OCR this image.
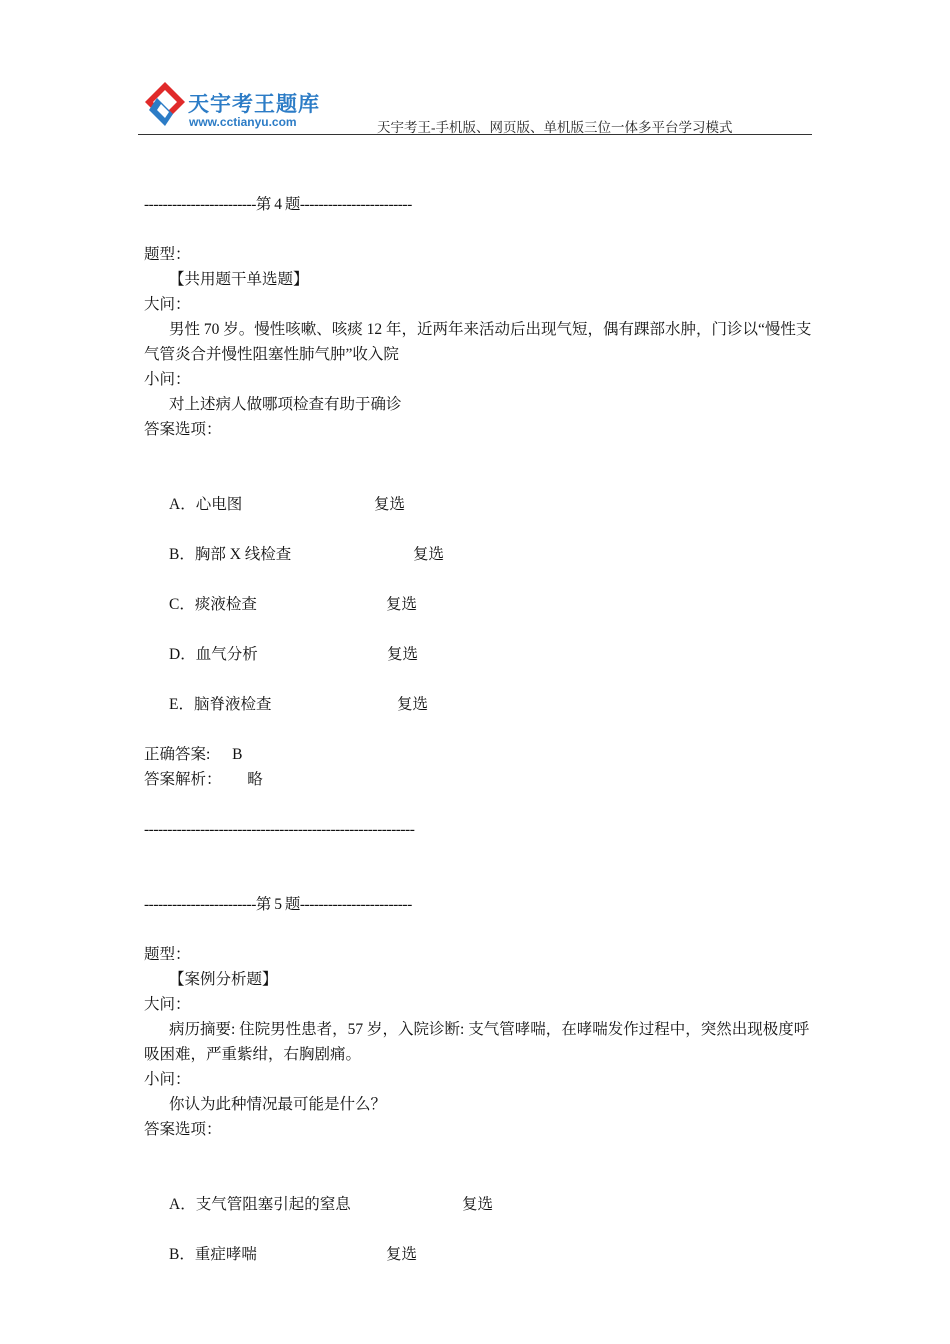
天宇考王题库
www.cctianyu.com	天宇考王-手机版、网页版、单机版三位一体多平台学习模式
------------------------第 4 题------------------------
题型：
【共用题干单选题】
大问：
男性 70 岁。慢性咳嗽、咳痰 12 年，近两年来活动后出现气短，偶有踝部水肿，门诊以“慢性支气管炎合并慢性阻塞性肺气肿”收入院
小问：
对上述病人做哪项检查有助于确诊
答案选项：
A．心电图	复选
B．胸部 X 线检查	复选
C．痰液检查	复选
D．血气分析	复选
E．脑脊液检查	复选
正确答案: B
答案解析： 略
----------------------------------------------------------
------------------------第 5 题------------------------
题型：
【案例分析题】
大问：
病历摘要: 住院男性患者，57 岁，入院诊断: 支气管哮喘，在哮喘发作过程中，突然出现极度呼吸困难，严重紫绀，右胸剧痛。
小问：
你认为此种情况最可能是什么？
答案选项：
A．支气管阻塞引起的窒息	复选
B．重症哮喘	复选
